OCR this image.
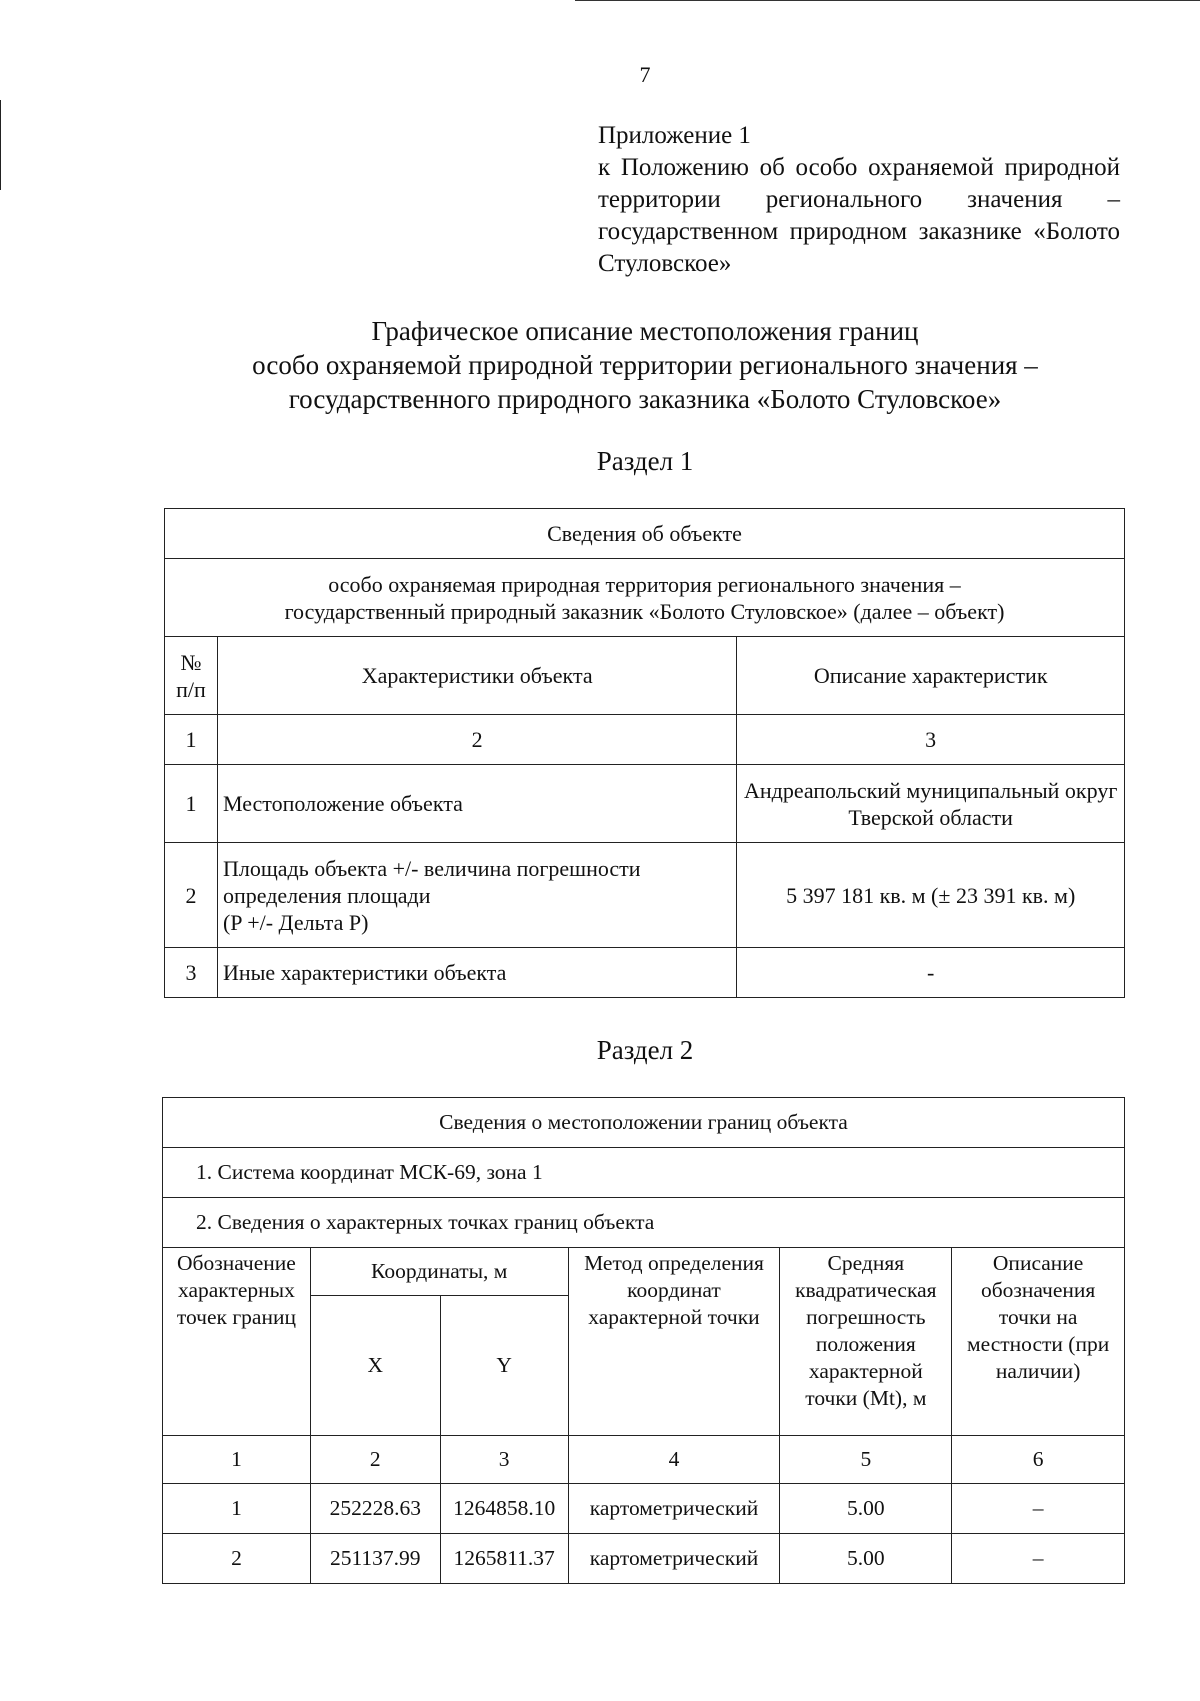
7
Приложение 1
к Положению об особо охраняемой природной территории регионального значения – государственном природном заказнике «Болото Стуловское»
Графическое описание местоположения границ
особо охраняемой природной территории регионального значения –
государственного природного заказника «Болото Стуловское»
Раздел 1
Сведения об объекте		

особо охраняемая природная территория регионального значения –
государственный природный заказник «Болото Стуловское» (далее – объект)		

№ п/п	Характеристики объекта	Описание характеристик
1	2	3
1	Местоположение объекта	Андреапольский муниципальный округ Тверской области
2	Площадь объекта +/- величина погрешности
определения площади
(P +/- Дельта P)	5 397 181 кв. м (± 23 391 кв. м)
3	Иные характеристики объекта	-
Раздел 2
Сведения о местоположении границ объекта					
1. Система координат МСК-69, зона 1					
2. Сведения о характерных точках границ объекта					
Обозначение характерных точек границ	Координаты, м		Метод определения координат характерной точки	Средняя квадратическая погрешность положения характерной точки (Mt), м	Описание обозначения точки на местности (при наличии)
	X	Y			
1	2	3	4	5	6
1	252228.63	1264858.10	картометрический	5.00	–
2	251137.99	1265811.37	картометрический	5.00	–
